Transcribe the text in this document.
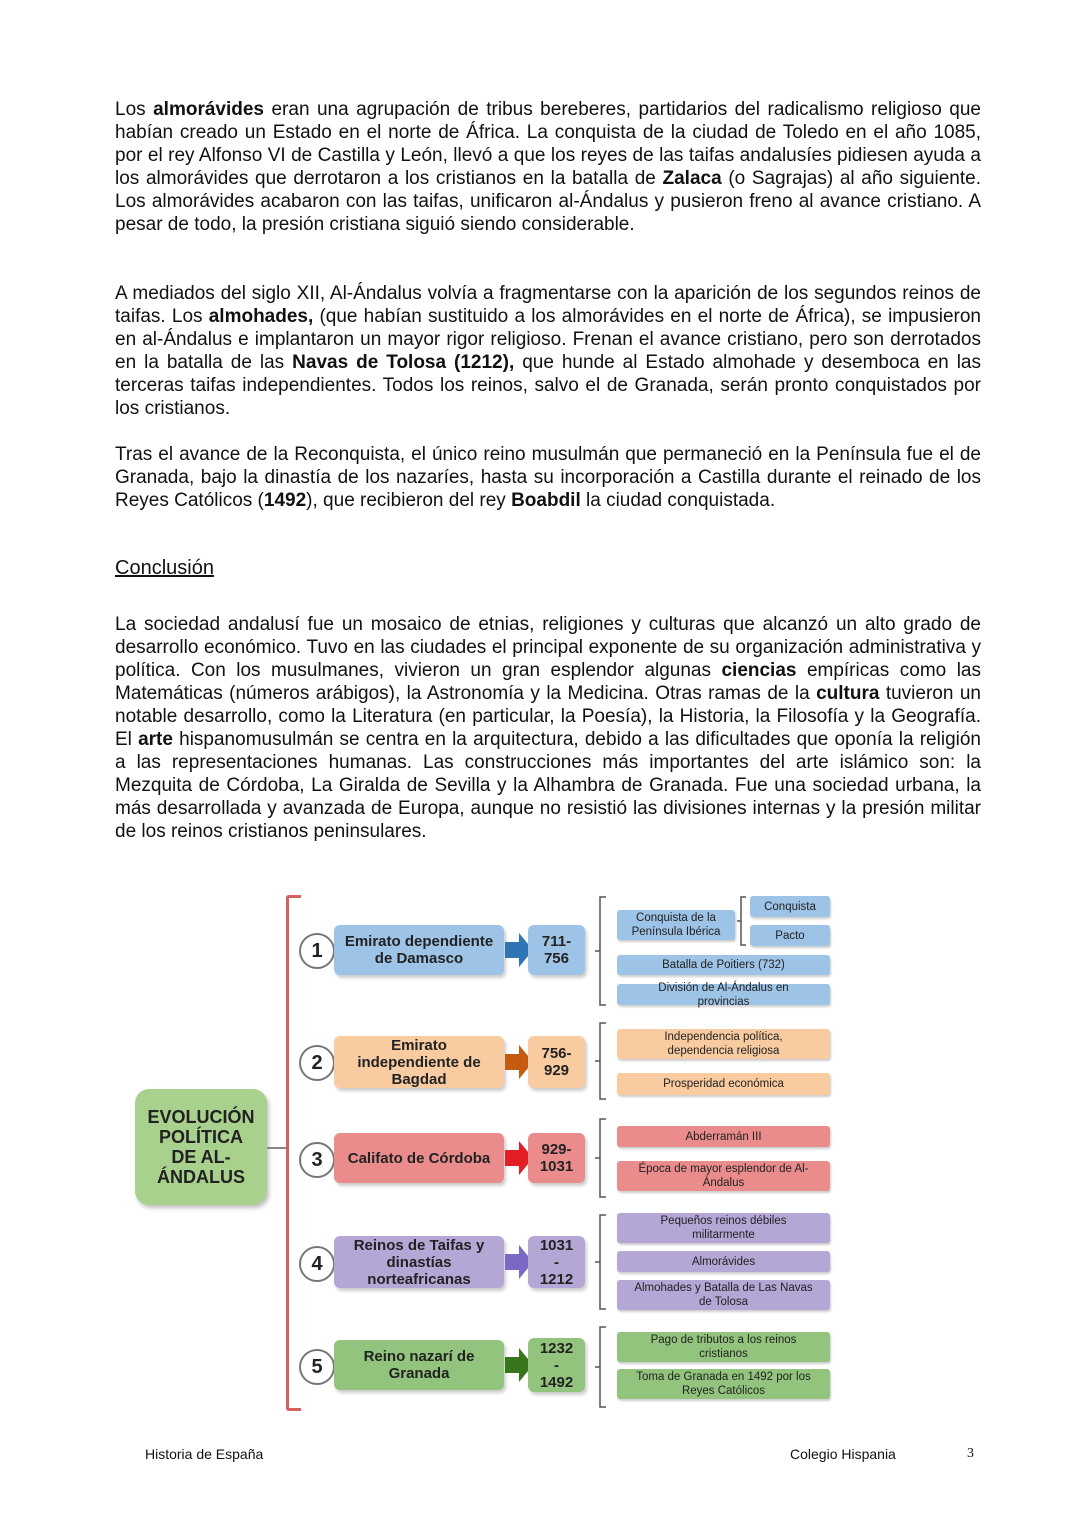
Los almorávides eran una agrupación de tribus bereberes, partidarios del radicalismo religioso que habían creado un Estado en el norte de África. La conquista de la ciudad de Toledo en el año 1085, por el rey Alfonso VI de Castilla y León, llevó a que los reyes de las taifas andalusíes pidiesen ayuda a los almorávides que derrotaron a los cristianos en la batalla de Zalaca (o Sagrajas) al año siguiente. Los almorávides acabaron con las taifas, unificaron al-Ándalus y pusieron freno al avance cristiano. A pesar de todo, la presión cristiana siguió siendo considerable.

A mediados del siglo XII, Al-Ándalus volvía a fragmentarse con la aparición de los segundos reinos de taifas. Los almohades, (que habían sustituido a los almorávides en el norte de África), se impusieron en al-Ándalus e implantaron un mayor rigor religioso. Frenan el avance cristiano, pero son derrotados en la batalla de las Navas de Tolosa (1212), que hunde al Estado almohade y desemboca en las terceras taifas independientes. Todos los reinos, salvo el de Granada, serán pronto conquistados por los cristianos.

Tras el avance de la Reconquista, el único reino musulmán que permaneció en la Península fue el de Granada, bajo la dinastía de los nazaríes, hasta su incorporación a Castilla durante el reinado de los Reyes Católicos (1492), que recibieron del rey Boabdil la ciudad conquistada.

Conclusión

La sociedad andalusí fue un mosaico de etnias, religiones y culturas que alcanzó un alto grado de desarrollo económico. Tuvo en las ciudades el principal exponente de su organización administrativa y política. Con los musulmanes, vivieron un gran esplendor algunas ciencias empíricas como las Matemáticas (números arábigos), la Astronomía y la Medicina. Otras ramas de la cultura tuvieron un notable desarrollo, como la Literatura (en particular, la Poesía), la Historia, la Filosofía y la Geografía. El arte hispanomusulmán se centra en la arquitectura, debido a las dificultades que oponía la religión a las representaciones humanas. Las construcciones más importantes del arte islámico son: la Mezquita de Córdoba, La Giralda de Sevilla y la Alhambra de Granada. Fue una sociedad urbana, la más desarrollada y avanzada de Europa, aunque no resistió las divisiones internas y la presión militar de los reinos cristianos peninsulares.

EVOLUCIÓN
POLÍTICA
DE AL-
ÁNDALUS
1	Emirato dependiente
de Damasco
711-
756
Conquista de la
Península Ibérica
Conquista
Pacto
Batalla de Poitiers (732)
División de Al-Ándalus en
provincias
2
Emirato
independiente de
Bagdad
756-
929
Independencia política,
dependencia religiosa
Prosperidad económica
3	Califato de Córdoba	929-
1031
Abderramán III
Época de mayor esplendor de Al-
Ándalus
4
Reinos de Taifas y
dinastías
norteafricanas
1031
-
1212
Pequeños reinos débiles
militarmente
Almorávides
Almohades y Batalla de Las Navas
de Tolosa
5	Reino nazarí de
Granada
1232
-
1492
Pago de tributos a los reinos
cristianos
Toma de Granada en 1492 por los
Reyes Católicos
Historia de España	Colegio Hispania	3
